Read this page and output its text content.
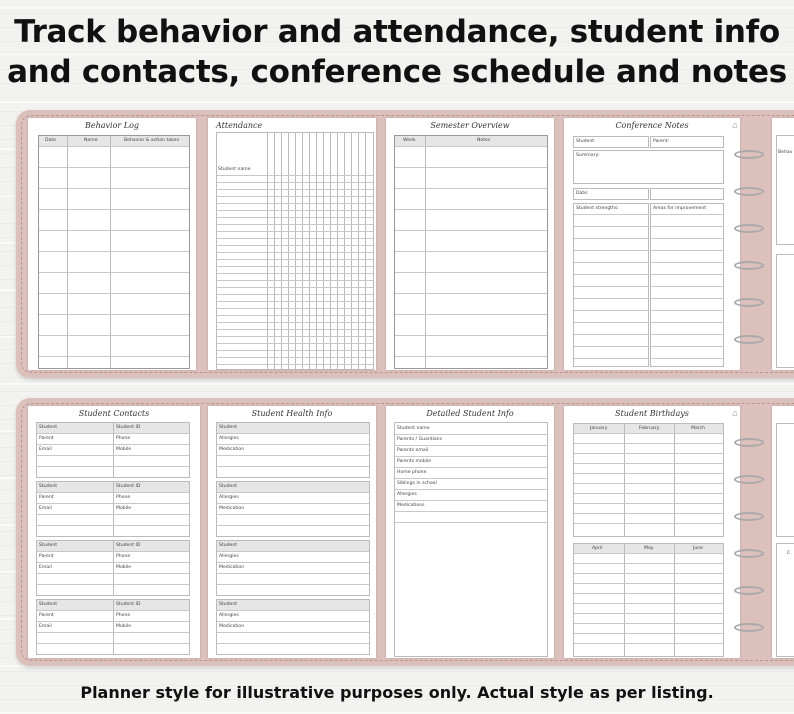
Track behavior and attendance, student info
and contacts, conference schedule and notes
Behavior Log
Date	Name	Behavior & action taken
Attendance
Student name
Semester Overview
Week	Notes
Conference Notes	⌂
Student:	Parent:
Summary:
Date:
Student strengths:	Areas for improvement
Behav
Student Contacts
Student	Student ID
Parent	Phone
Email	Mobile
Student	Student ID
Parent	Phone
Email	Mobile
Student	Student ID
Parent	Phone
Email	Mobile
Student	Student ID
Parent	Phone
Email	Mobile
Student Health Info
Student
Allergies
Medication
Student
Allergies
Medication
Student
Allergies
Medication
Student
Allergies
Medication
Detailed Student Info
Student name
Parents / Guardians
Parents email
Parents mobile
Home phone
Siblings in school
Allergies
Medications
Student Birthdays	⌂
January	February	March
April	May	June
C
Planner style for illustrative purposes only. Actual style as per listing.
